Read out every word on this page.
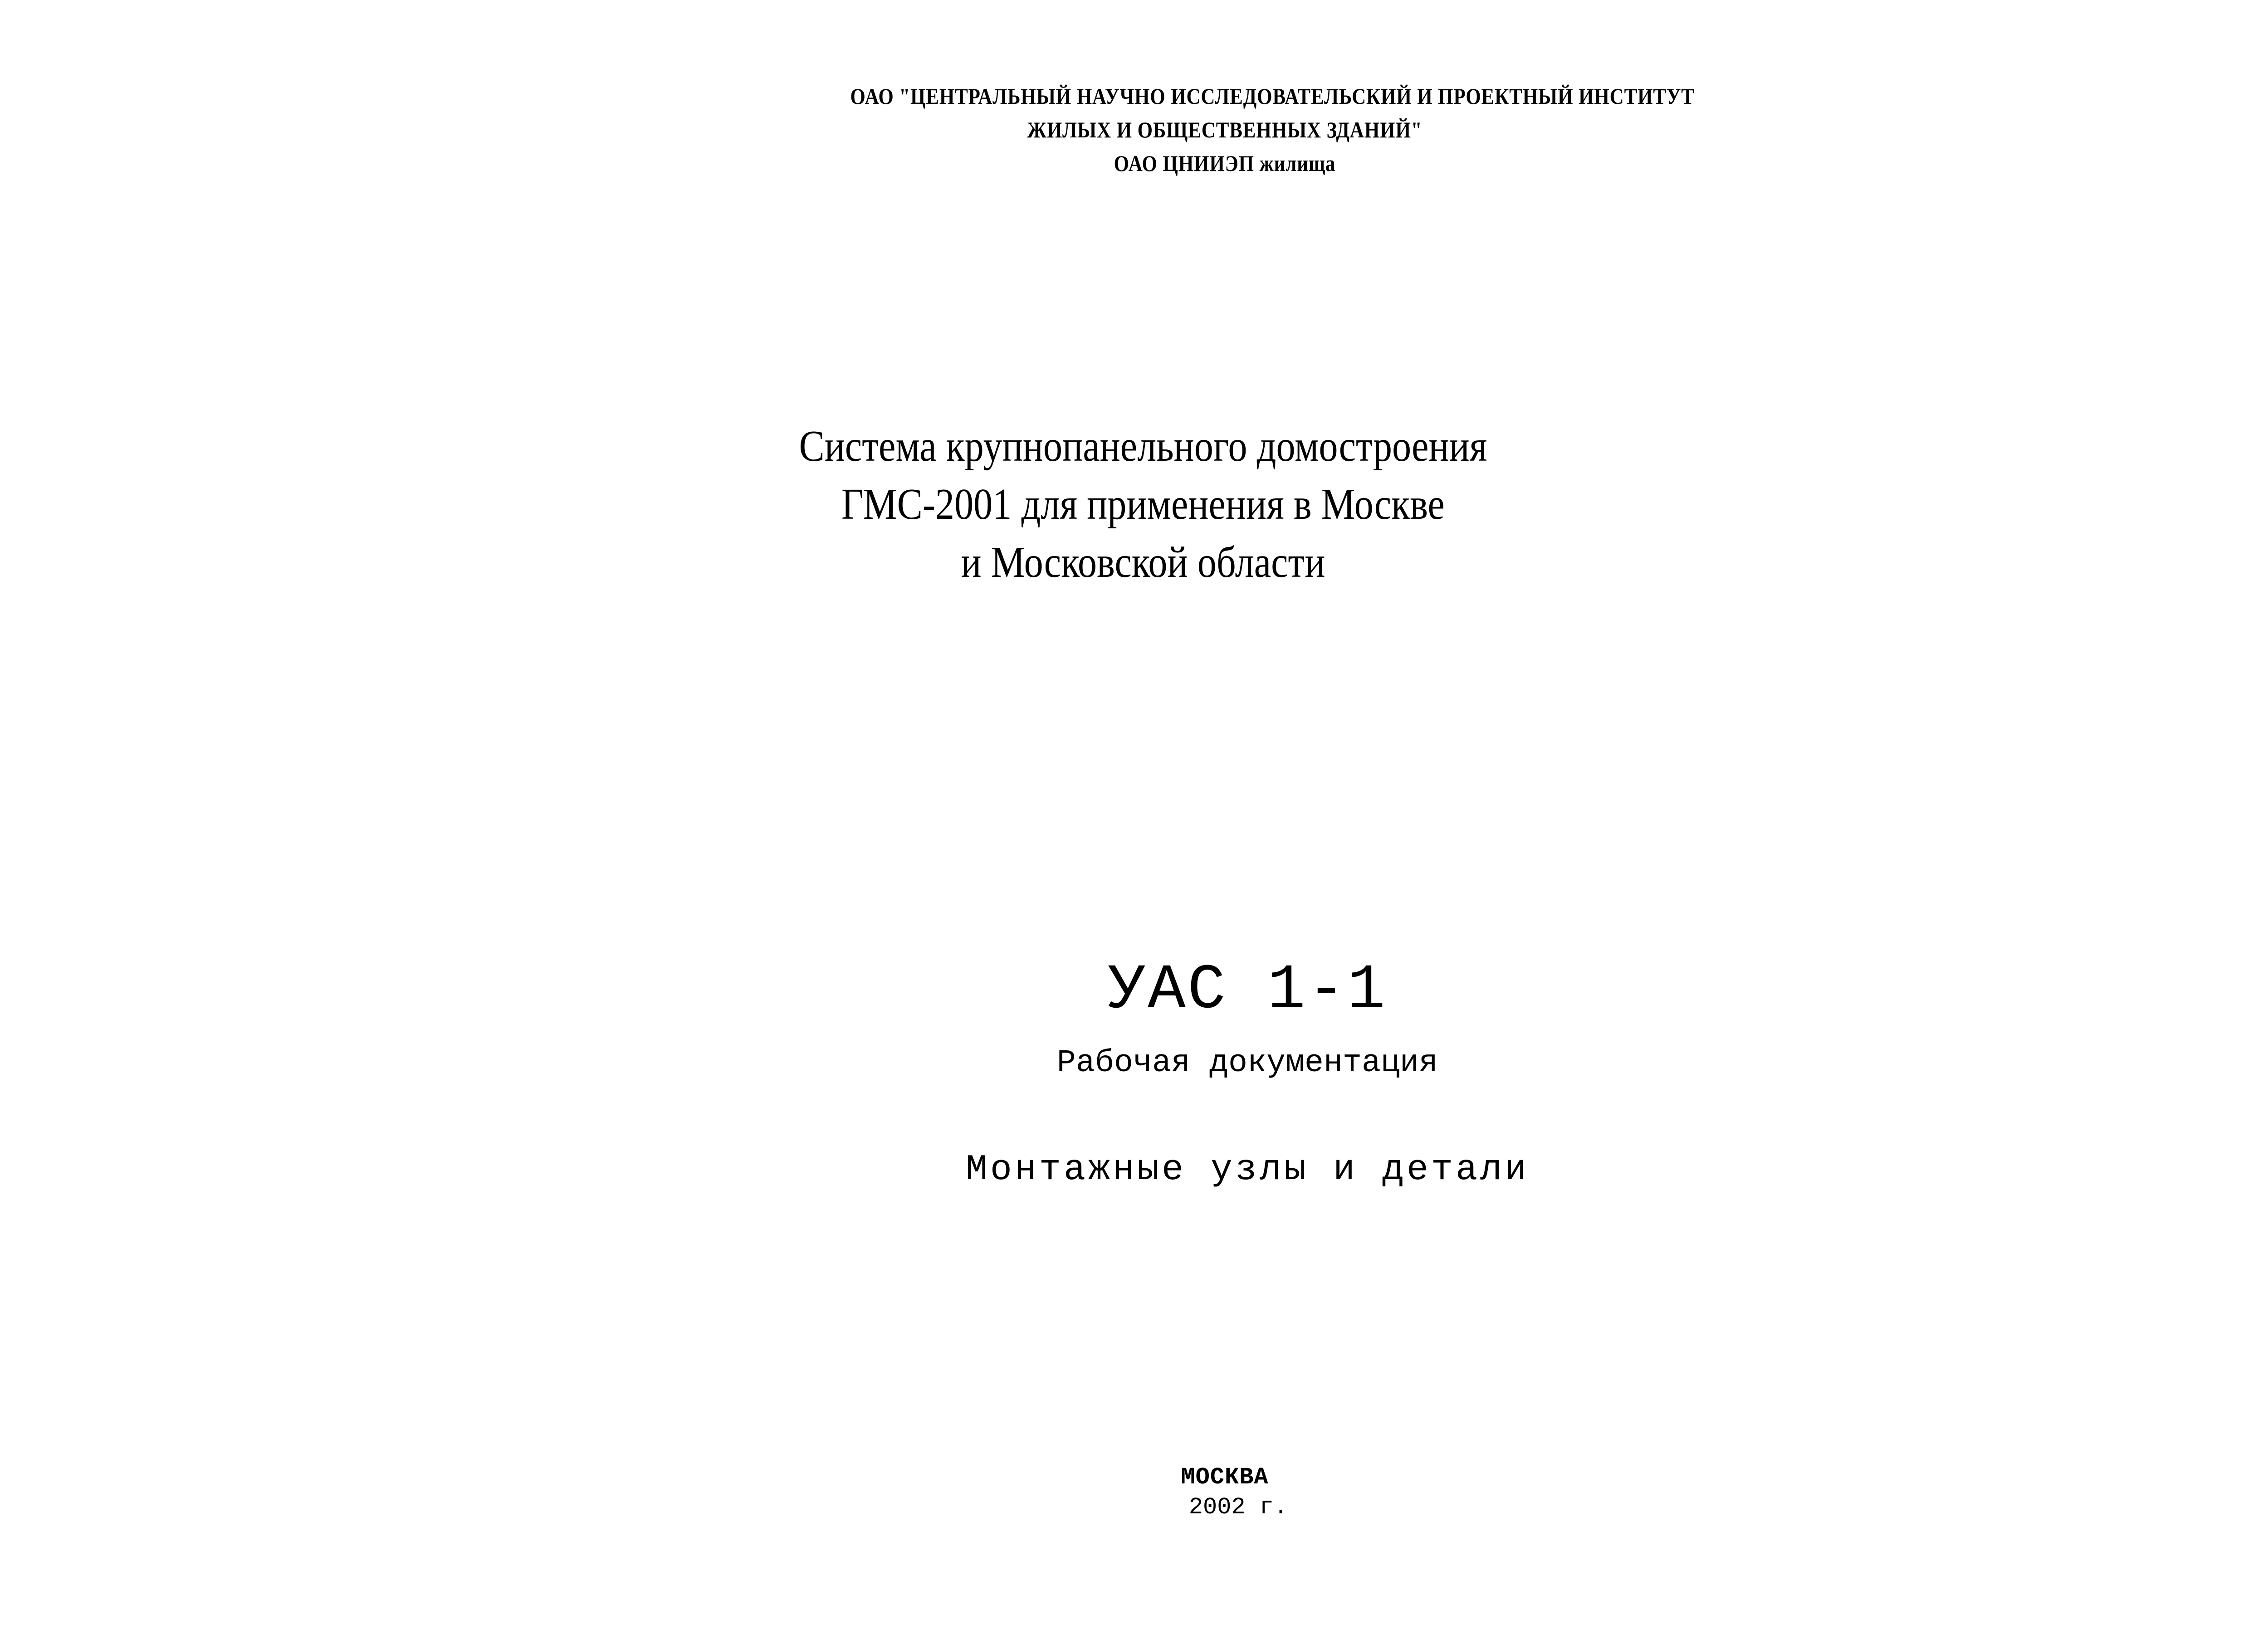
ОАО "ЦЕНТРАЛЬНЫЙ НАУЧНО ИССЛЕДОВАТЕЛЬСКИЙ И ПРОЕКТНЫЙ ИНСТИТУТ
ЖИЛЫХ И ОБЩЕСТВЕННЫХ ЗДАНИЙ"
ОАО ЦНИИЭП жилища
Система крупнопанельного домостроения
ГМС-2001 для применения в Москве
и Московской области
УАС 1-1
Рабочая документация
Монтажные узлы и детали
МОСКВА
2002 г.
